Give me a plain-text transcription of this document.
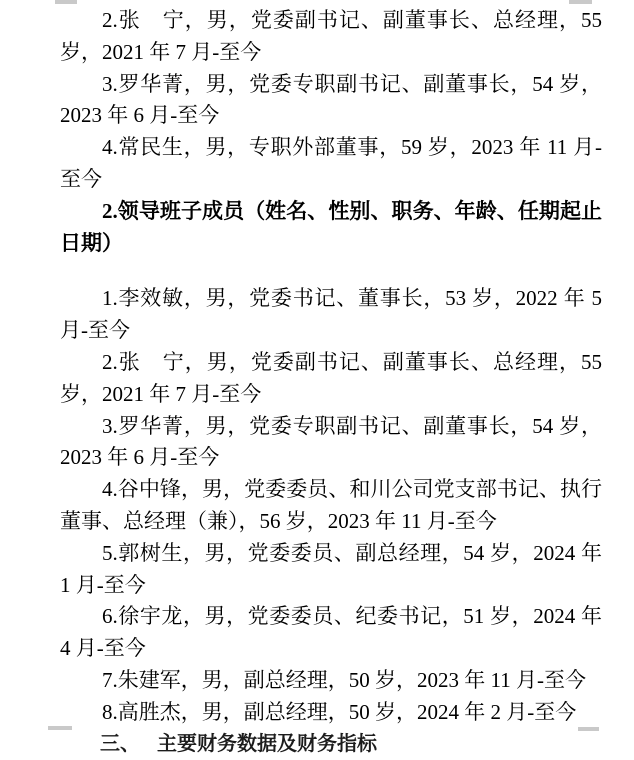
2.张　宁，男，党委副书记、副董事长、总经理，55 岁，2021 年 7 月-至今

3.罗华菁，男，党委专职副书记、副董事长，54 岁，2023 年 6 月-至今

4.常民生，男，专职外部董事，59 岁，2023 年 11 月-至今

2.领导班子成员（姓名、性别、职务、年龄、任期起止日期）

1.李效敏，男，党委书记、董事长，53 岁，2022 年 5 月-至今

2.张　宁，男，党委副书记、副董事长、总经理，55 岁，2021 年 7 月-至今

3.罗华菁，男，党委专职副书记、副董事长，54 岁，2023 年 6 月-至今

4.谷中锋，男，党委委员、和川公司党支部书记、执行董事、总经理（兼），56 岁，2023 年 11 月-至今

5.郭树生，男，党委委员、副总经理，54 岁，2024 年 1 月-至今

6.徐宇龙，男，党委委员、纪委书记，51 岁，2024 年 4 月-至今

7.朱建军，男，副总经理，50 岁，2023 年 11 月-至今

8.高胜杰，男，副总经理，50 岁，2024 年 2 月-至今

三、 主要财务数据及财务指标
